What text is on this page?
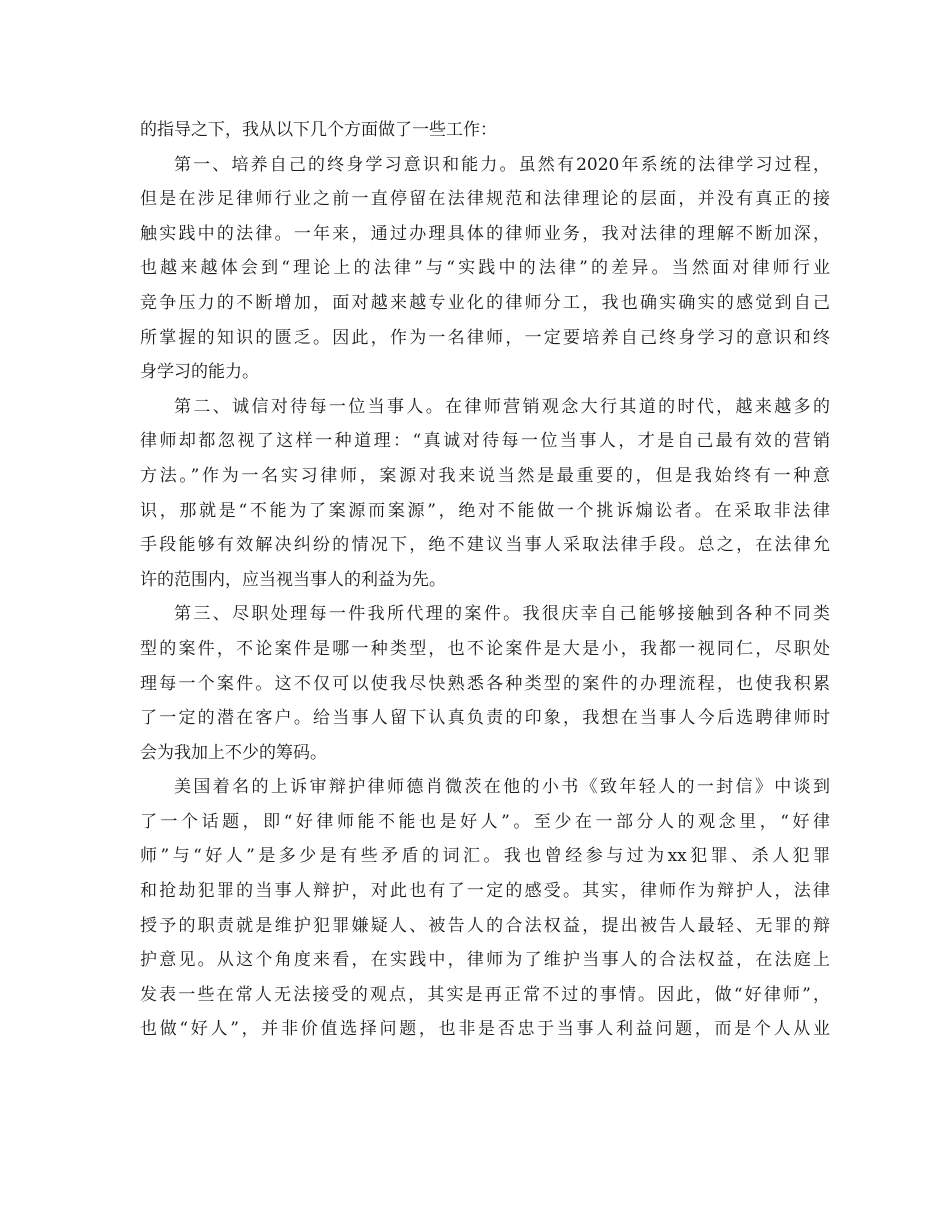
的指导之下，我从以下几个方面做了一些工作：
第一、培养自己的终身学习意识和能力。虽然有2020年系统的法律学习过程，
但是在涉足律师行业之前一直停留在法律规范和法律理论的层面，并没有真正的接
触实践中的法律。一年来，通过办理具体的律师业务，我对法律的理解不断加深，
也越来越体会到“理论上的法律”与“实践中的法律”的差异。当然面对律师行业
竞争压力的不断增加，面对越来越专业化的律师分工，我也确实确实的感觉到自己
所掌握的知识的匮乏。因此，作为一名律师，一定要培养自己终身学习的意识和终
身学习的能力。
第二、诚信对待每一位当事人。在律师营销观念大行其道的时代，越来越多的
律师却都忽视了这样一种道理：“真诚对待每一位当事人，才是自己最有效的营销
方法。”作为一名实习律师，案源对我来说当然是最重要的，但是我始终有一种意
识，那就是“不能为了案源而案源”，绝对不能做一个挑诉煽讼者。在采取非法律
手段能够有效解决纠纷的情况下，绝不建议当事人采取法律手段。总之，在法律允
许的范围内，应当视当事人的利益为先。
第三、尽职处理每一件我所代理的案件。我很庆幸自己能够接触到各种不同类
型的案件，不论案件是哪一种类型，也不论案件是大是小，我都一视同仁，尽职处
理每一个案件。这不仅可以使我尽快熟悉各种类型的案件的办理流程，也使我积累
了一定的潜在客户。给当事人留下认真负责的印象，我想在当事人今后选聘律师时
会为我加上不少的筹码。
美国着名的上诉审辩护律师德肖微茨在他的小书《致年轻人的一封信》中谈到
了一个话题，即“好律师能不能也是好人”。至少在一部分人的观念里，“好律
师”与“好人”是多少是有些矛盾的词汇。我也曾经参与过为xx犯罪、杀人犯罪
和抢劫犯罪的当事人辩护，对此也有了一定的感受。其实，律师作为辩护人，法律
授予的职责就是维护犯罪嫌疑人、被告人的合法权益，提出被告人最轻、无罪的辩
护意见。从这个角度来看，在实践中，律师为了维护当事人的合法权益，在法庭上
发表一些在常人无法接受的观点，其实是再正常不过的事情。因此，做“好律师”，
也做“好人”，并非价值选择问题，也非是否忠于当事人利益问题，而是个人从业
